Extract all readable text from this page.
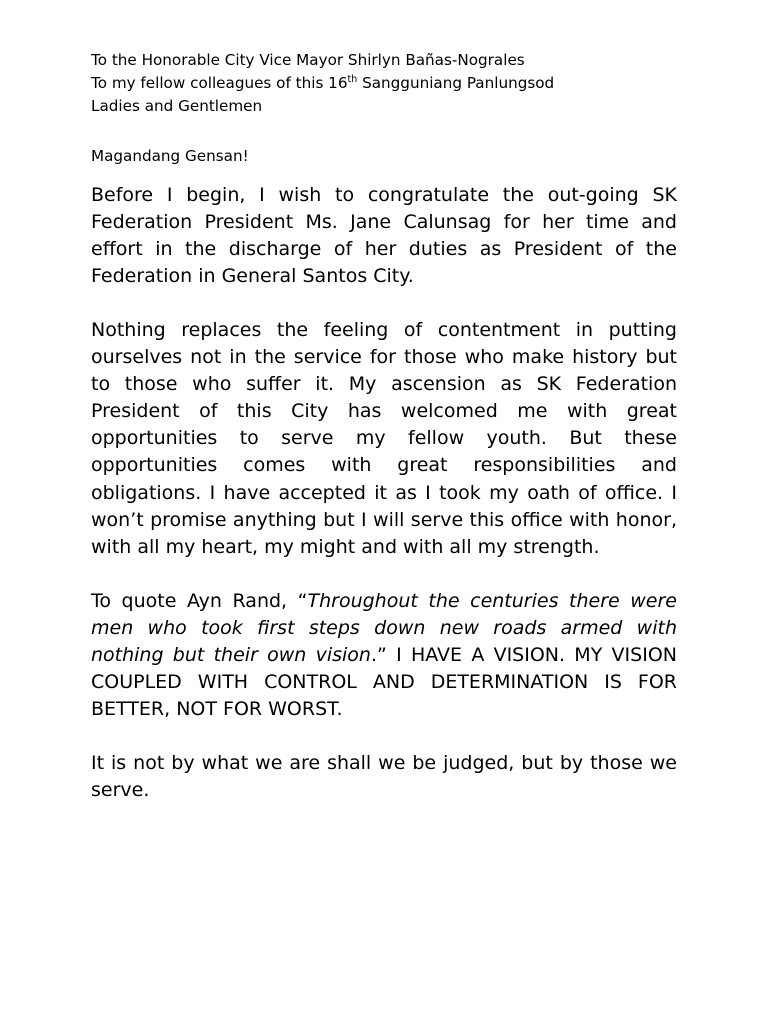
To the Honorable City Vice Mayor Shirlyn Bañas-Nograles
To my fellow colleagues of this 16th Sangguniang Panlungsod
Ladies and Gentlemen
Magandang Gensan!

Before I begin, I wish to congratulate the out-going SK Federation President Ms. Jane Calunsag for her time and effort in the discharge of her duties as President of the Federation in General Santos City.

Nothing replaces the feeling of contentment in putting ourselves not in the service for those who make history but to those who suffer it. My ascension as SK Federation President of this City has welcomed me with great opportunities to serve my fellow youth. But these opportunities comes with great responsibilities and obligations. I have accepted it as I took my oath of office. I won’t promise anything but I will serve this office with honor, with all my heart, my might and with all my strength.

To quote Ayn Rand, “Throughout the centuries there were men who took first steps down new roads armed with nothing but their own vision.” I HAVE A VISION. MY VISION COUPLED WITH CONTROL AND DETERMINATION IS FOR BETTER, NOT FOR WORST.

It is not by what we are shall we be judged, but by those we serve.
